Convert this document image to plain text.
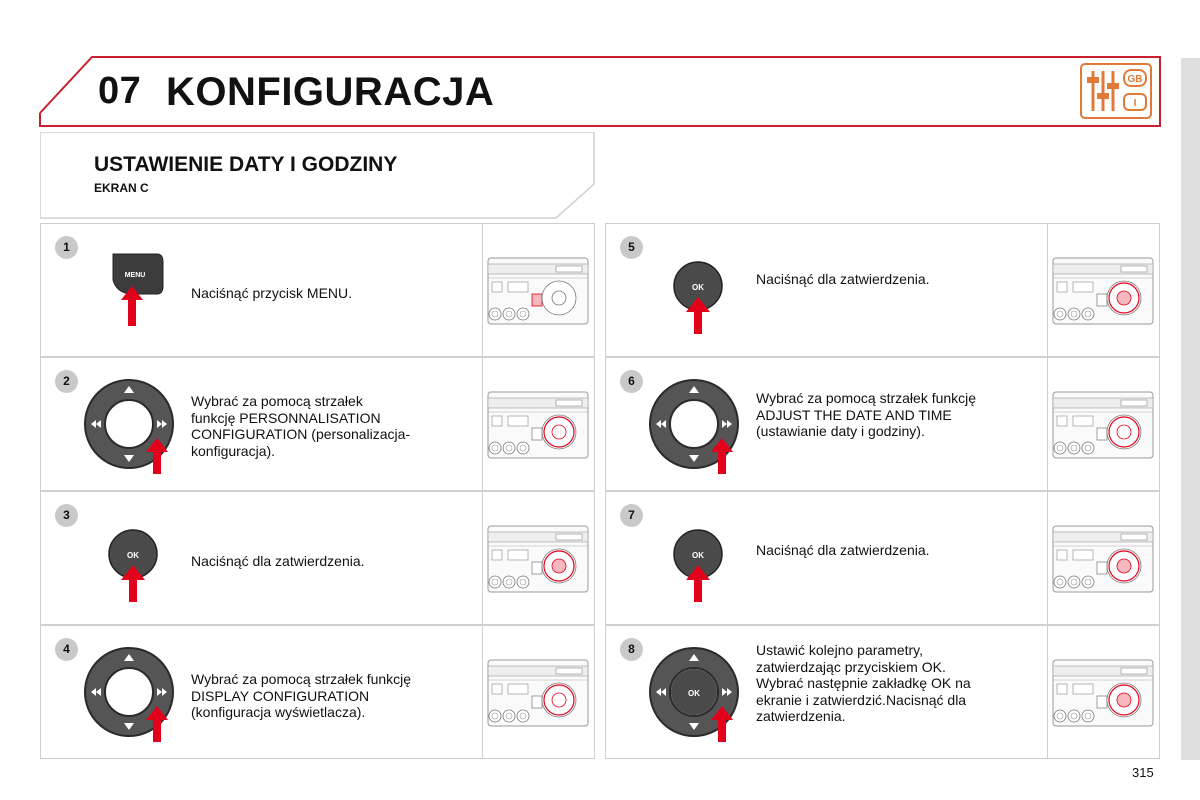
07 KONFIGURACJA	GB
I
USTAWIENIE DATY I GODZINY
EKRAN C
1
MENU
Naciśnąć przycisk MENU.
2
Wybrać za pomocą strzałek
funkcję PERSONNALISATION
CONFIGURATION (personalizacja-
konfiguracja).
3
OK	Naciśnąć dla zatwierdzenia.
4
Wybrać za pomocą strzałek funkcję
DISPLAY CONFIGURATION
(konfiguracja wyświetlacza).
5
OK
Naciśnąć dla zatwierdzenia.
6
Wybrać za pomocą strzałek funkcję
ADJUST THE DATE AND TIME
(ustawianie daty i godziny).
7
OK	Naciśnąć dla zatwierdzenia.
8
OK
Ustawić kolejno parametry,
zatwierdzając przyciskiem OK.
Wybrać następnie zakładkę OK na
ekranie i zatwierdzić.Nacisnąć dla
zatwierdzenia.
315
